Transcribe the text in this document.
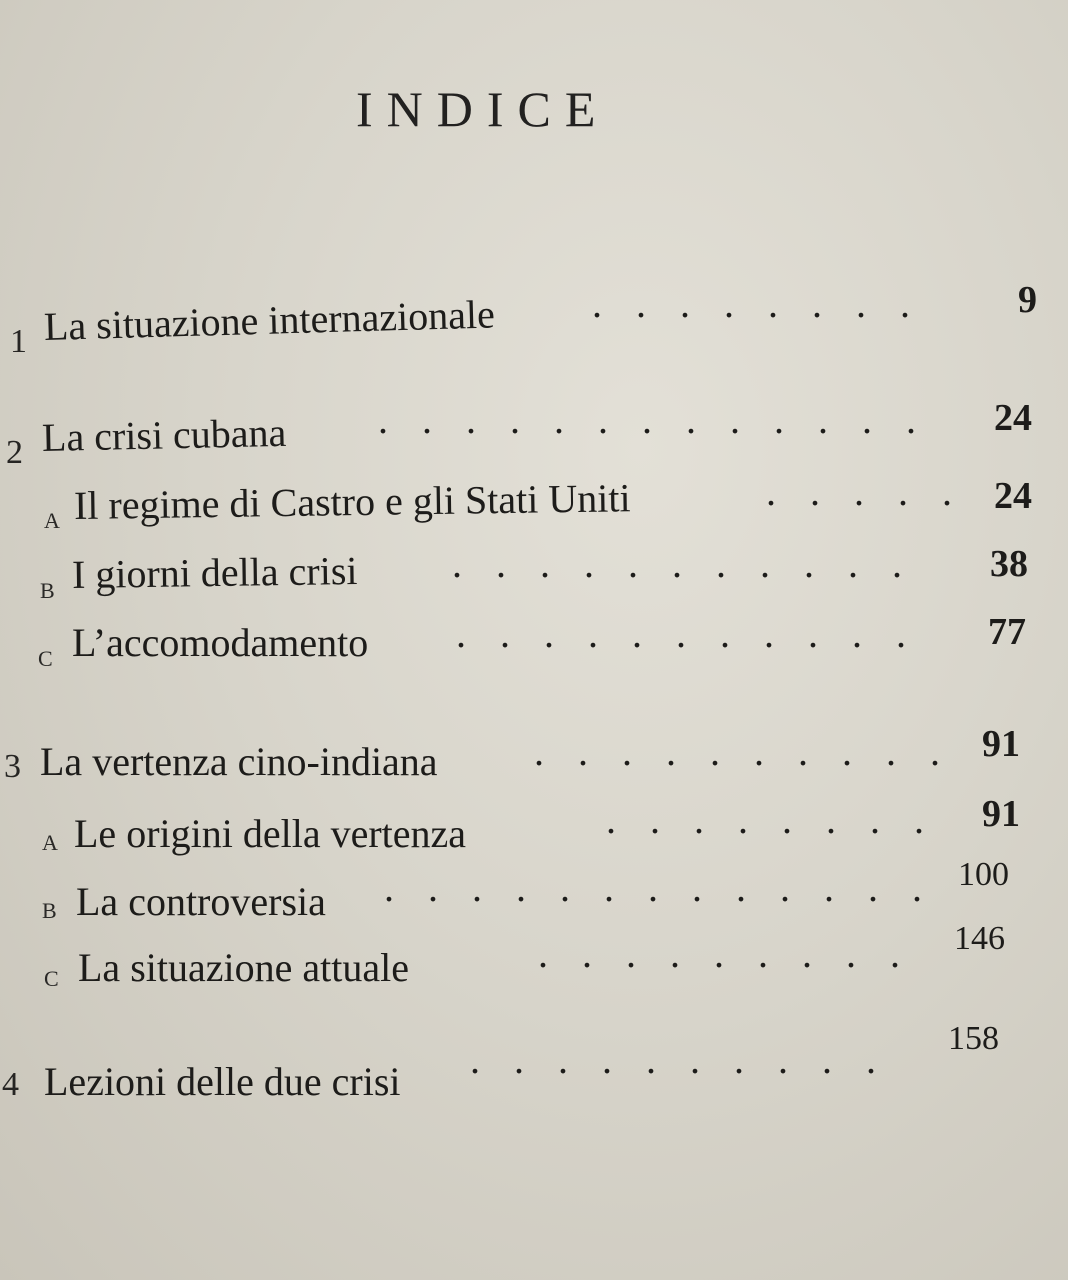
INDICE
1 La situazione internazionale . . . . . . . .	9
2 La crisi cubana . . . . . . . . . . . . .	24
A Il regime di Castro e gli Stati Uniti	. . . . .	24
B I giorni della crisi . . . . . . . . . . .	38
C L’accomodamento . . . . . . . . . . .	77
3 La vertenza cino-indiana . . . . . . . . . .	91
A Le origini della vertenza	. . . . . . . .	91
B La controversia . . . . . . . . . . . . .	100
C La situazione attuale	. . . . . . . . .	146
4 Lezioni delle due crisi . . . . . . . . . .	158
